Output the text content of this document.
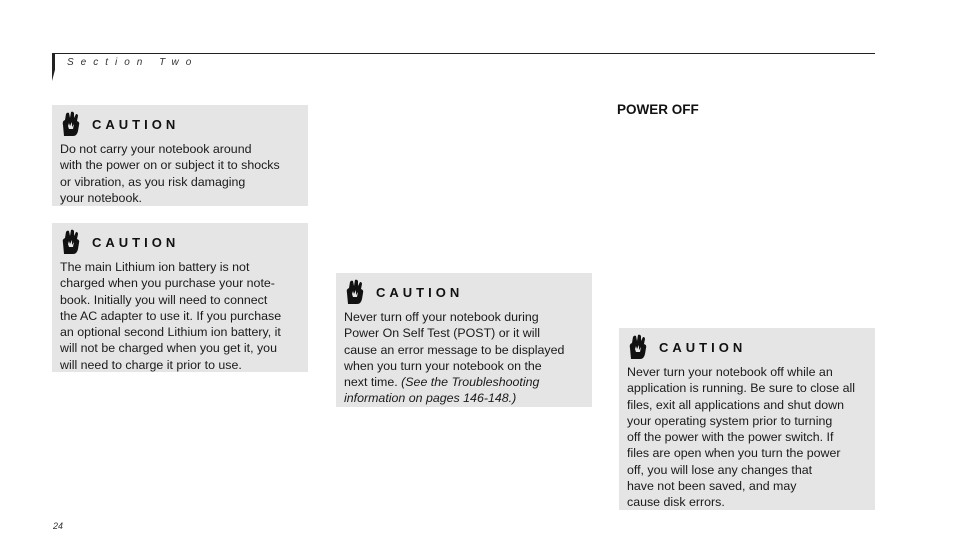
Section Two
CAUTION
Do not carry your notebook around
with the power on or subject it to shocks
or vibration, as you risk damaging
your notebook.
CAUTION
The main Lithium ion battery is not
charged when you purchase your note-
book. Initially you will need to connect
the AC adapter to use it. If you purchase
an optional second Lithium ion battery, it
will not be charged when you get it, you
will need to charge it prior to use.
CAUTION
Never turn off your notebook during
Power On Self Test (POST) or it will
cause an error message to be displayed
when you turn your notebook on the
next time. (See the Troubleshooting
information on pages 146-148.)
POWER OFF
CAUTION
Never turn your notebook off while an
application is running. Be sure to close all
files, exit all applications and shut down
your operating system prior to turning
off the power with the power switch. If
files are open when you turn the power
off, you will lose any changes that
have not been saved, and may
cause disk errors.
24
